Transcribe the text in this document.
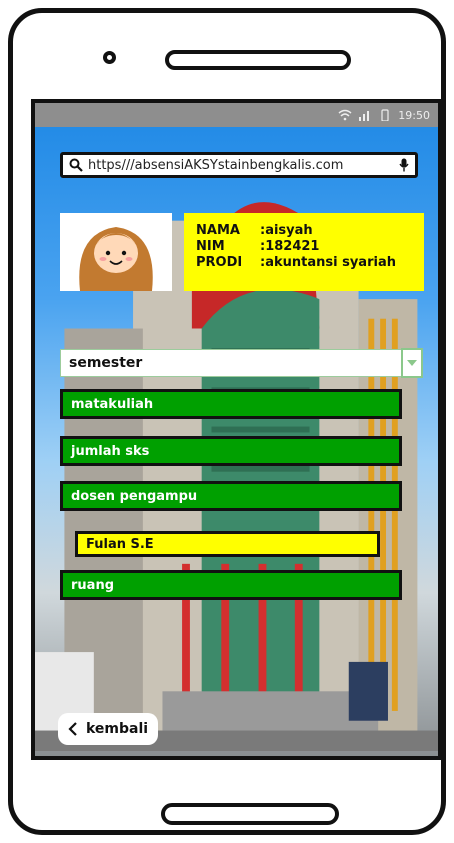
19:50
https///absensiAKSYstainbengkalis.com
NAMA	:aisyah
NIM	:182421
PRODI	:akuntansi syariah
semester
matakuliah
jumlah sks
dosen pengampu
Fulan S.E
ruang
kembali
